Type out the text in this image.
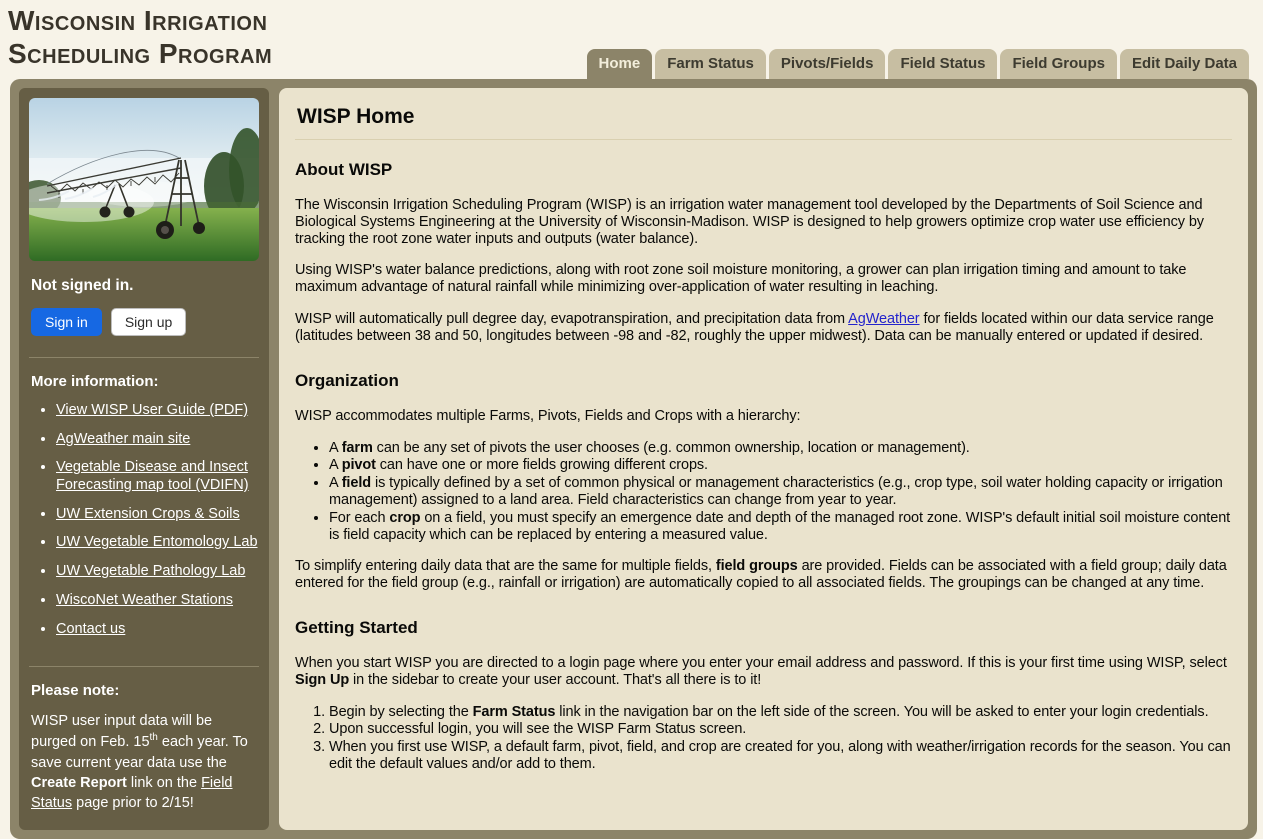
Wisconsin Irrigation
Scheduling Program	Home	Farm Status	Pivots/Fields	Field Status	Field Groups	Edit Daily Data
Not signed in.
Sign in	Sign up
More information:
• View WISP User Guide (PDF)
• AgWeather main site
• Vegetable Disease and Insect Forecasting map tool (VDIFN)
• UW Extension Crops & Soils
• UW Vegetable Entomology Lab
• UW Vegetable Pathology Lab
• WiscoNet Weather Stations
• Contact us
Please note:

WISP user input data will be purged on Feb. 15th each year. To save current year data use the Create Report link on the Field Status page prior to 2/15!

WISP Home
About WISP

The Wisconsin Irrigation Scheduling Program (WISP) is an irrigation water management tool developed by the Departments of Soil Science and Biological Systems Engineering at the University of Wisconsin-Madison. WISP is designed to help growers optimize crop water use efficiency by tracking the root zone water inputs and outputs (water balance).

Using WISP's water balance predictions, along with root zone soil moisture monitoring, a grower can plan irrigation timing and amount to take maximum advantage of natural rainfall while minimizing over-application of water resulting in leaching.

WISP will automatically pull degree day, evapotranspiration, and precipitation data from AgWeather for fields located within our data service range (latitudes between 38 and 50, longitudes between -98 and -82, roughly the upper midwest). Data can be manually entered or updated if desired.

Organization

WISP accommodates multiple Farms, Pivots, Fields and Crops with a hierarchy:

• A farm can be any set of pivots the user chooses (e.g. common ownership, location or management).
• A pivot can have one or more fields growing different crops.
• A field is typically defined by a set of common physical or management characteristics (e.g., crop type, soil water holding capacity or irrigation management) assigned to a land area. Field characteristics can change from year to year.
• For each crop on a field, you must specify an emergence date and depth of the managed root zone. WISP's default initial soil moisture content is field capacity which can be replaced by entering a measured value.

To simplify entering daily data that are the same for multiple fields, field groups are provided. Fields can be associated with a field group; daily data entered for the field group (e.g., rainfall or irrigation) are automatically copied to all associated fields. The groupings can be changed at any time.

Getting Started

When you start WISP you are directed to a login page where you enter your email address and password. If this is your first time using WISP, select Sign Up in the sidebar to create your user account. That's all there is to it!

1. Begin by selecting the Farm Status link in the navigation bar on the left side of the screen. You will be asked to enter your login credentials.
2. Upon successful login, you will see the WISP Farm Status screen.
3. When you first use WISP, a default farm, pivot, field, and crop are created for you, along with weather/irrigation records for the season. You can edit the default values and/or add to them.
